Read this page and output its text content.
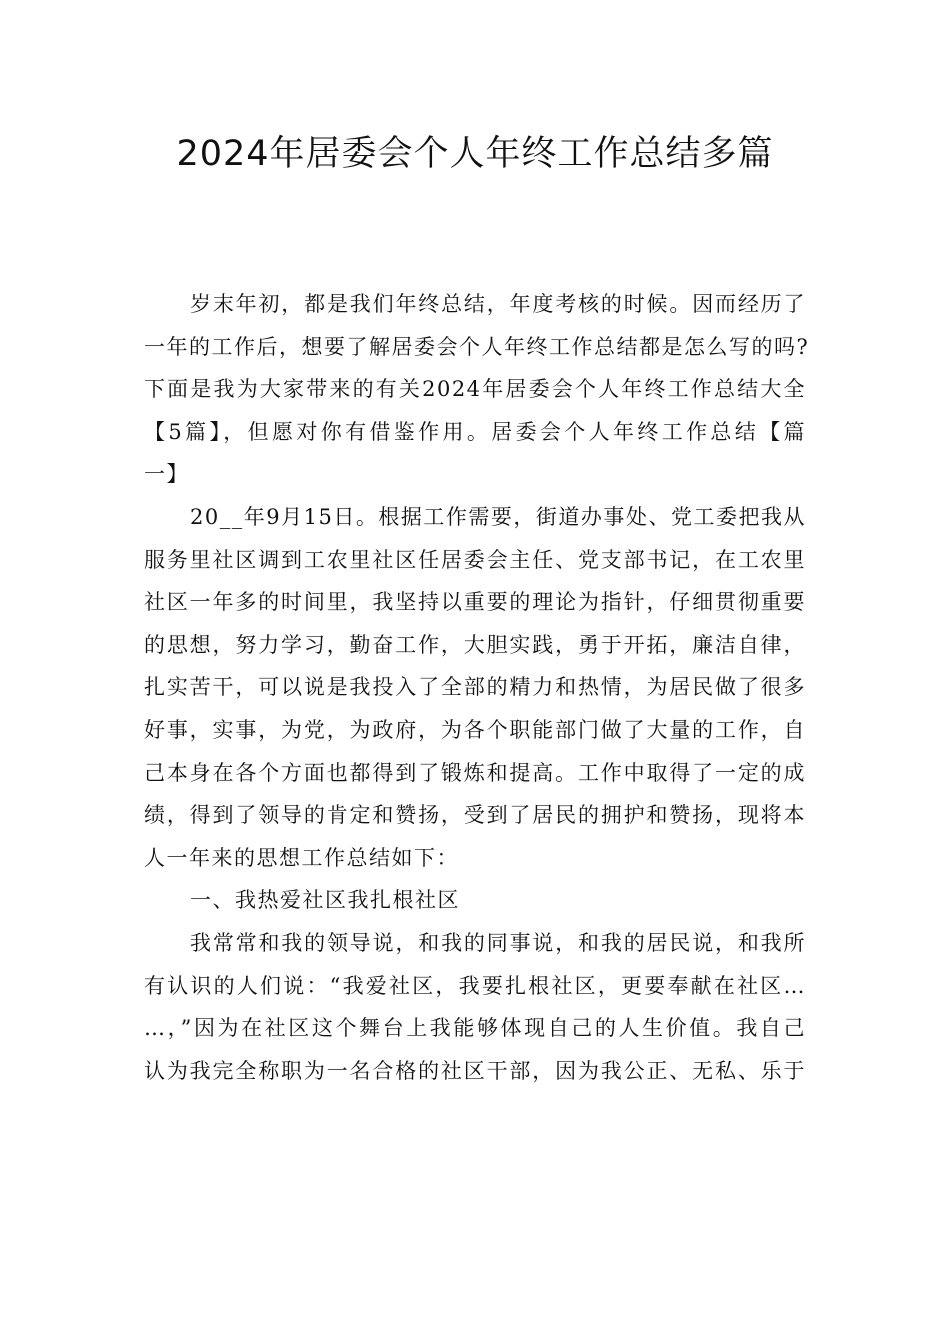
2024年居委会个人年终工作总结多篇
岁末年初，都是我们年终总结，年度考核的时候。因而经历了
一年的工作后，想要了解居委会个人年终工作总结都是怎么写的吗?
下面是我为大家带来的有关2024年居委会个人年终工作总结大全
【5篇】，但愿对你有借鉴作用。居委会个人年终工作总结【篇
一】
20__年9月15日。根据工作需要，街道办事处、党工委把我从
服务里社区调到工农里社区任居委会主任、党支部书记，在工农里
社区一年多的时间里，我坚持以重要的理论为指针，仔细贯彻重要
的思想，努力学习，勤奋工作，大胆实践，勇于开拓，廉洁自律，
扎实苦干，可以说是我投入了全部的精力和热情，为居民做了很多
好事，实事，为党，为政府，为各个职能部门做了大量的工作，自
己本身在各个方面也都得到了锻炼和提高。工作中取得了一定的成
绩，得到了领导的肯定和赞扬，受到了居民的拥护和赞扬，现将本
人一年来的思想工作总结如下：
一、我热爱社区我扎根社区
我常常和我的领导说，和我的同事说，和我的居民说，和我所
有认识的人们说：“我爱社区，我要扎根社区，更要奉献在社区…
…，”因为在社区这个舞台上我能够体现自己的人生价值。我自己
认为我完全称职为一名合格的社区干部，因为我公正、无私、乐于
